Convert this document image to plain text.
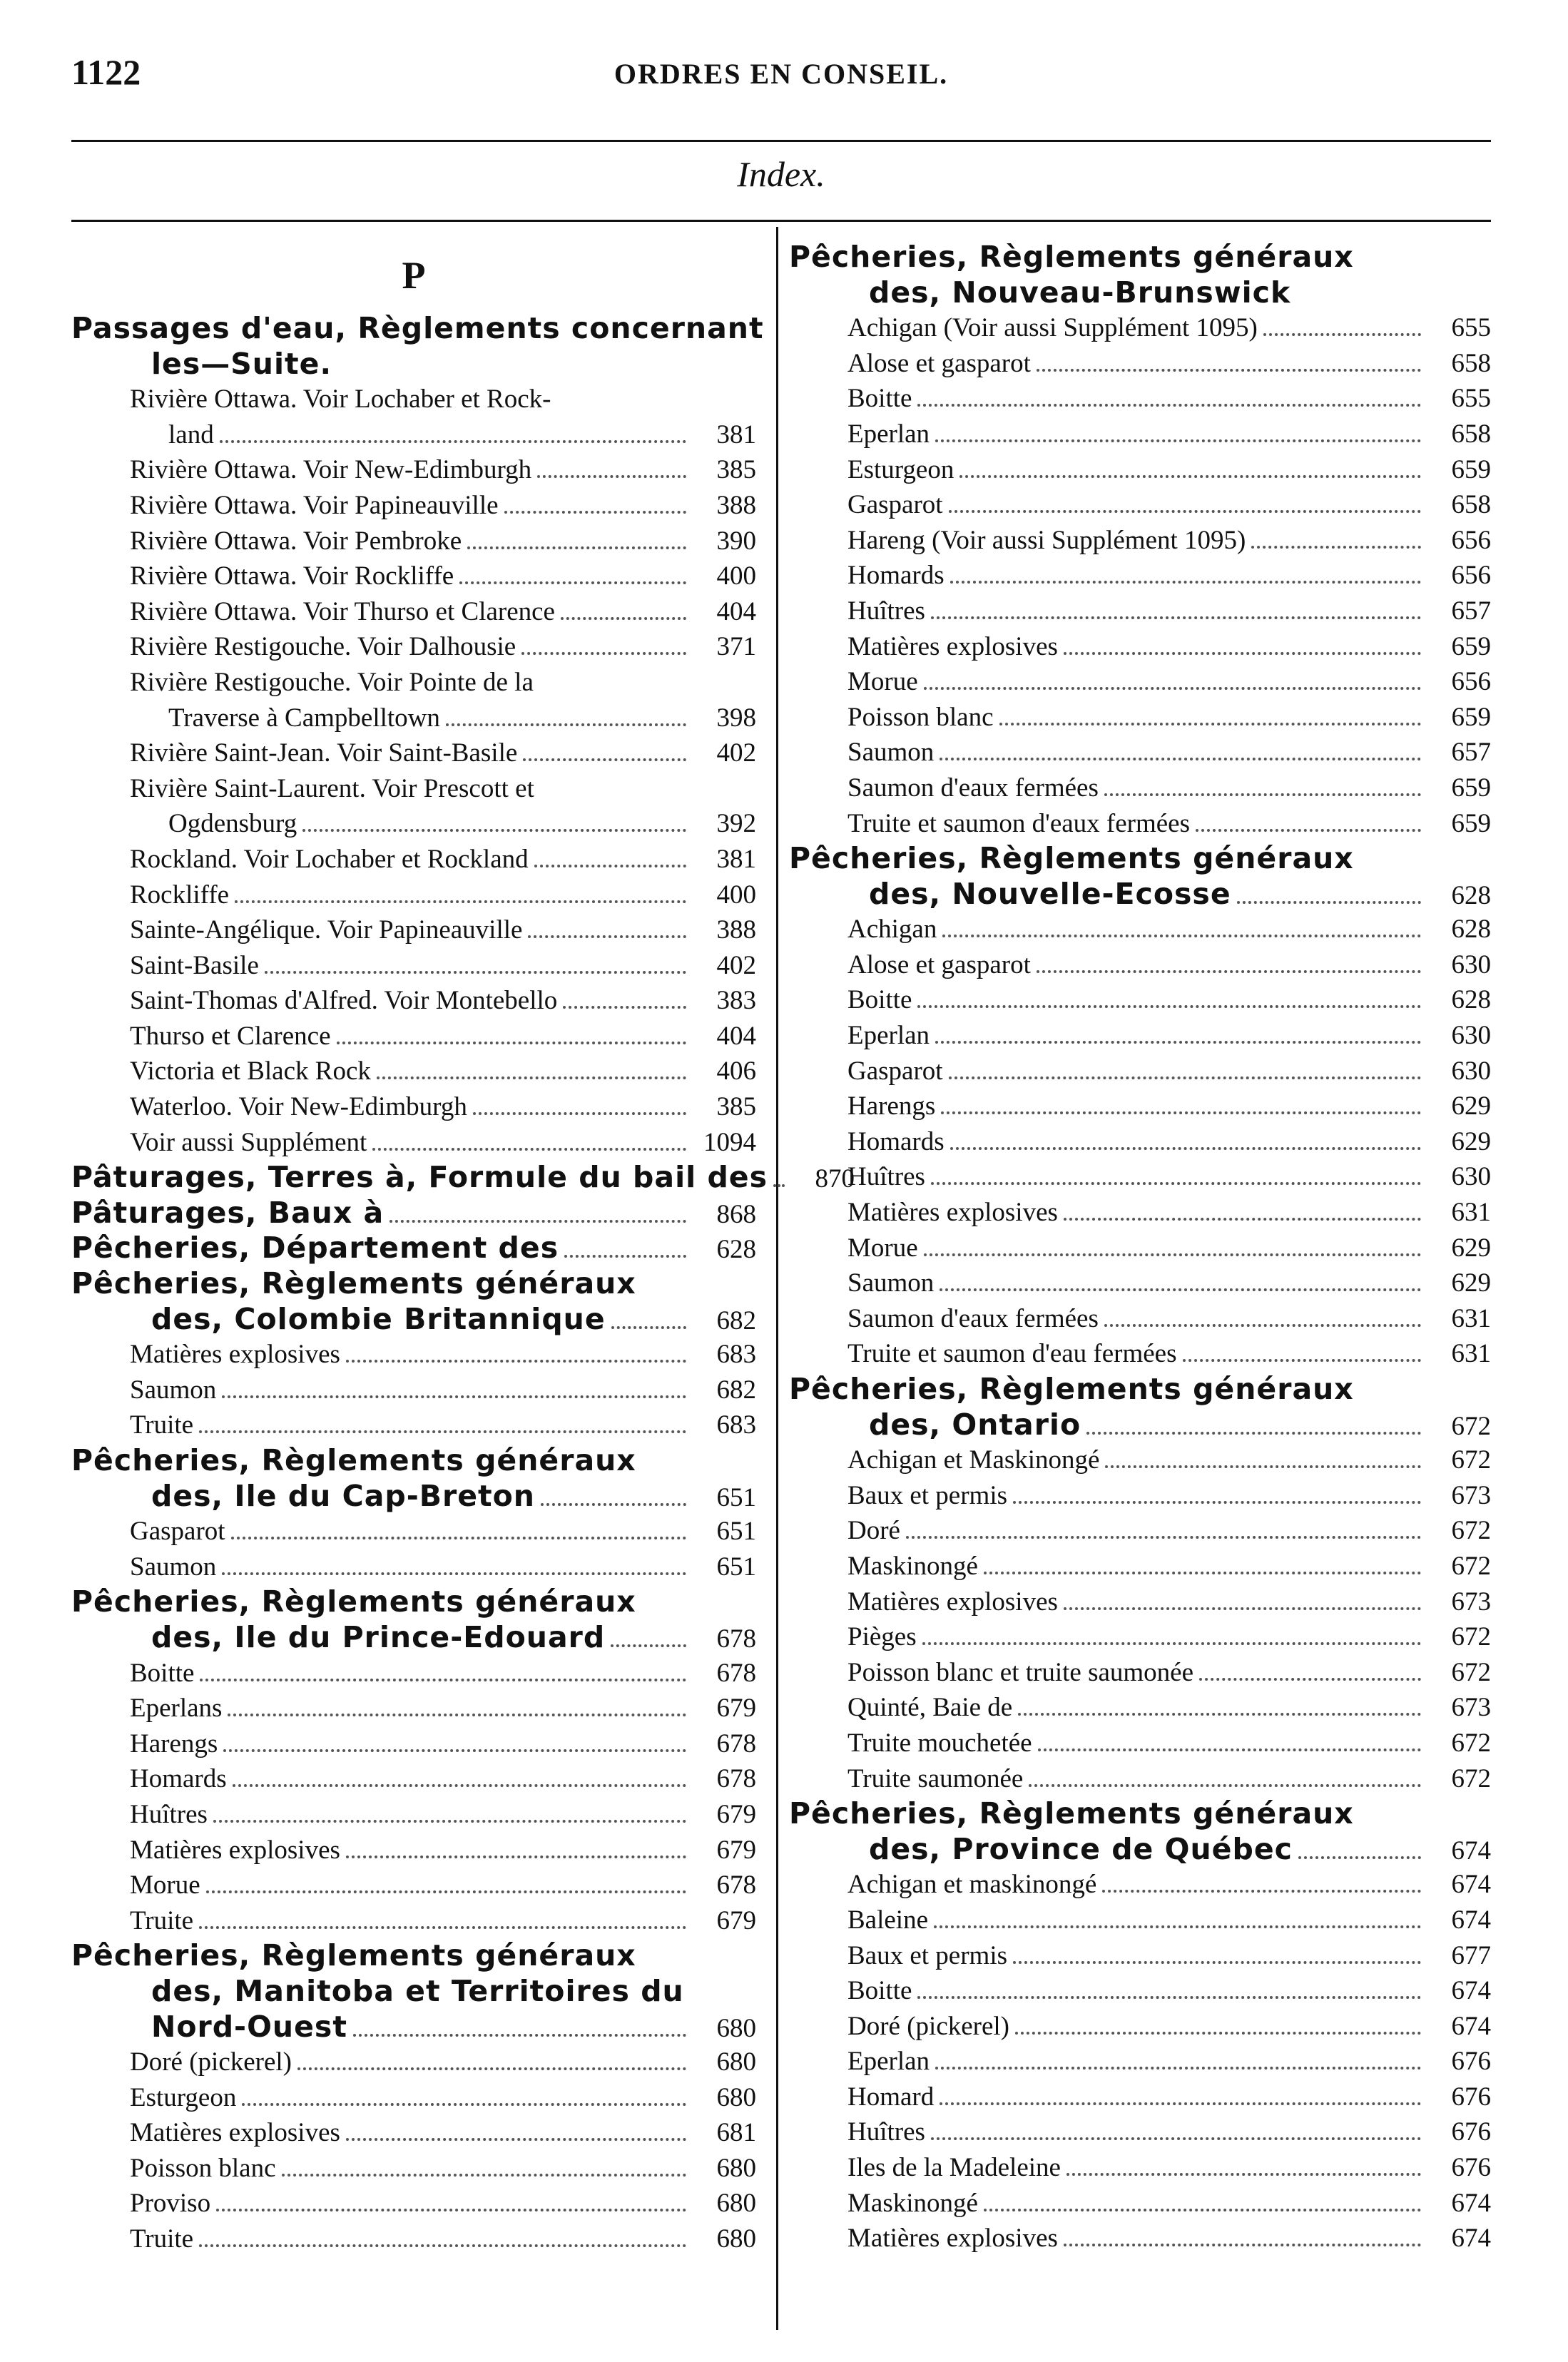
1122	ORDRES EN CONSEIL.
Index.
P
Passages d'eau, Règlements concernant
les—Suite.
Rivière Ottawa. Voir Lochaber et Rock-
land	381
Rivière Ottawa. Voir New-Edimburgh	385
Rivière Ottawa. Voir Papineauville	388
Rivière Ottawa. Voir Pembroke	390
Rivière Ottawa. Voir Rockliffe	400
Rivière Ottawa. Voir Thurso et Clarence	404
Rivière Restigouche. Voir Dalhousie	371
Rivière Restigouche. Voir Pointe de la
Traverse à Campbelltown	398
Rivière Saint-Jean. Voir Saint-Basile	402
Rivière Saint-Laurent. Voir Prescott et
Ogdensburg	392
Rockland. Voir Lochaber et Rockland	381
Rockliffe	400
Sainte-Angélique. Voir Papineauville	388
Saint-Basile	402
Saint-Thomas d'Alfred. Voir Montebello	383
Thurso et Clarence	404
Victoria et Black Rock	406
Waterloo. Voir New-Edimburgh	385
Voir aussi Supplément	1094
Pâturages, Terres à, Formule du bail des	870
Pâturages, Baux à	868
Pêcheries, Département des	628
Pêcheries, Règlements généraux
des, Colombie Britannique	682
Matières explosives	683
Saumon	682
Truite	683
Pêcheries, Règlements généraux
des, Ile du Cap-Breton	651
Gasparot	651
Saumon	651
Pêcheries, Règlements généraux
des, Ile du Prince-Edouard	678
Boitte	678
Eperlans	679
Harengs	678
Homards	678
Huîtres	679
Matières explosives	679
Morue	678
Truite	679
Pêcheries, Règlements généraux
des, Manitoba et Territoires du
Nord-Ouest	680
Doré (pickerel)	680
Esturgeon	680
Matières explosives	681
Poisson blanc	680
Proviso	680
Truite	680
Pêcheries, Règlements généraux
des, Nouveau-Brunswick
Achigan (Voir aussi Supplément 1095)	655
Alose et gasparot	658
Boitte	655
Eperlan	658
Esturgeon	659
Gasparot	658
Hareng (Voir aussi Supplément 1095)	656
Homards	656
Huîtres	657
Matières explosives	659
Morue	656
Poisson blanc	659
Saumon	657
Saumon d'eaux fermées	659
Truite et saumon d'eaux fermées	659
Pêcheries, Règlements généraux
des, Nouvelle-Ecosse	628
Achigan	628
Alose et gasparot	630
Boitte	628
Eperlan	630
Gasparot	630
Harengs	629
Homards	629
Huîtres	630
Matières explosives	631
Morue	629
Saumon	629
Saumon d'eaux fermées	631
Truite et saumon d'eau fermées	631
Pêcheries, Règlements généraux
des, Ontario	672
Achigan et Maskinongé	672
Baux et permis	673
Doré	672
Maskinongé	672
Matières explosives	673
Pièges	672
Poisson blanc et truite saumonée	672
Quinté, Baie de	673
Truite mouchetée	672
Truite saumonée	672
Pêcheries, Règlements généraux
des, Province de Québec	674
Achigan et maskinongé	674
Baleine	674
Baux et permis	677
Boitte	674
Doré (pickerel)	674
Eperlan	676
Homard	676
Huîtres	676
Iles de la Madeleine	676
Maskinongé	674
Matières explosives	674
